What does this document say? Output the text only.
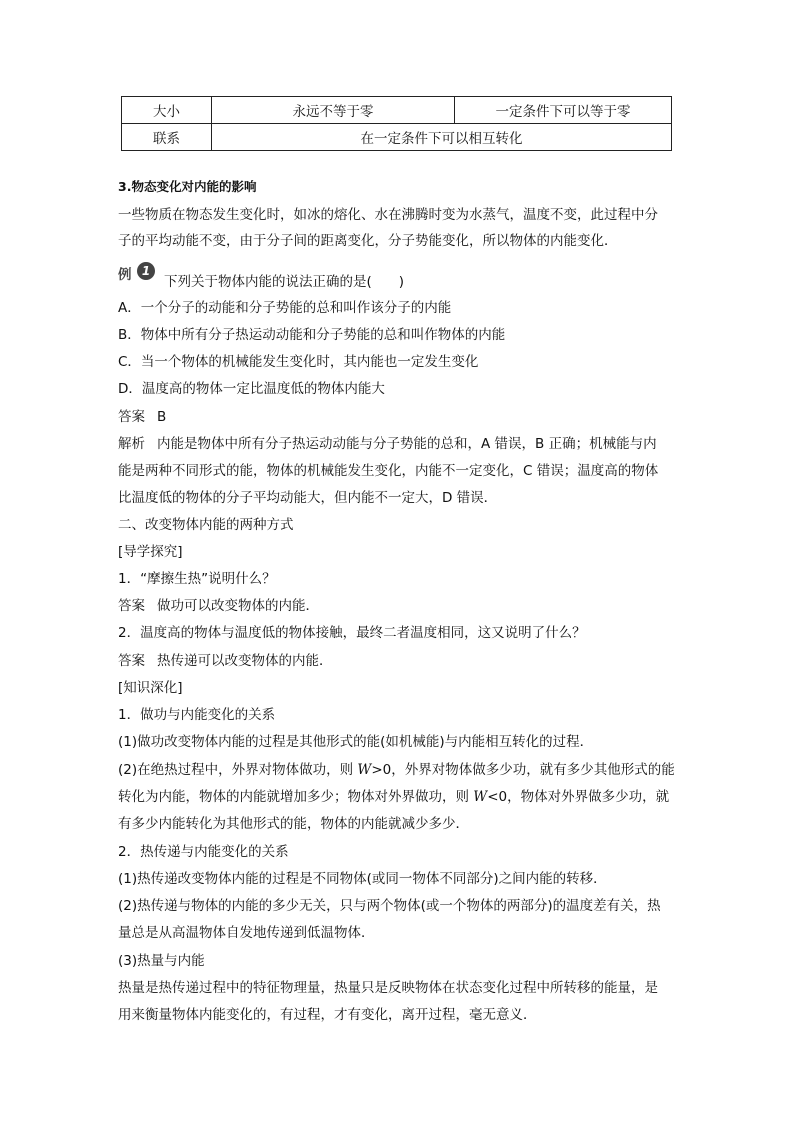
大小	永远不等于零	一定条件下可以等于零
联系	在一定条件下可以相互转化	
3.物态变化对内能的影响
一些物质在物态发生变化时，如冰的熔化、水在沸腾时变为水蒸气，温度不变，此过程中分
子的平均动能不变，由于分子间的距离变化，分子势能变化，所以物体的内能变化．
例 1
下列关于物体内能的说法正确的是(　　)
A．一个分子的动能和分子势能的总和叫作该分子的内能
B．物体中所有分子热运动动能和分子势能的总和叫作物体的内能
C．当一个物体的机械能发生变化时，其内能也一定发生变化
D．温度高的物体一定比温度低的物体内能大
答案 B
解析 内能是物体中所有分子热运动动能与分子势能的总和，A 错误，B 正确；机械能与内
能是两种不同形式的能，物体的机械能发生变化，内能不一定变化，C 错误；温度高的物体
比温度低的物体的分子平均动能大，但内能不一定大，D 错误．
二、改变物体内能的两种方式
[导学探究]
1．“摩擦生热”说明什么？
答案 做功可以改变物体的内能．
2．温度高的物体与温度低的物体接触，最终二者温度相同，这又说明了什么？
答案 热传递可以改变物体的内能．
[知识深化]
1．做功与内能变化的关系
(1)做功改变物体内能的过程是其他形式的能(如机械能)与内能相互转化的过程．
(2)在绝热过程中，外界对物体做功，则 W>0，外界对物体做多少功，就有多少其他形式的能
转化为内能，物体的内能就增加多少；物体对外界做功，则 W<0，物体对外界做多少功，就
有多少内能转化为其他形式的能，物体的内能就减少多少．
2．热传递与内能变化的关系
(1)热传递改变物体内能的过程是不同物体(或同一物体不同部分)之间内能的转移．
(2)热传递与物体的内能的多少无关，只与两个物体(或一个物体的两部分)的温度差有关，热
量总是从高温物体自发地传递到低温物体．
(3)热量与内能
热量是热传递过程中的特征物理量，热量只是反映物体在状态变化过程中所转移的能量，是
用来衡量物体内能变化的，有过程，才有变化，离开过程，毫无意义．
